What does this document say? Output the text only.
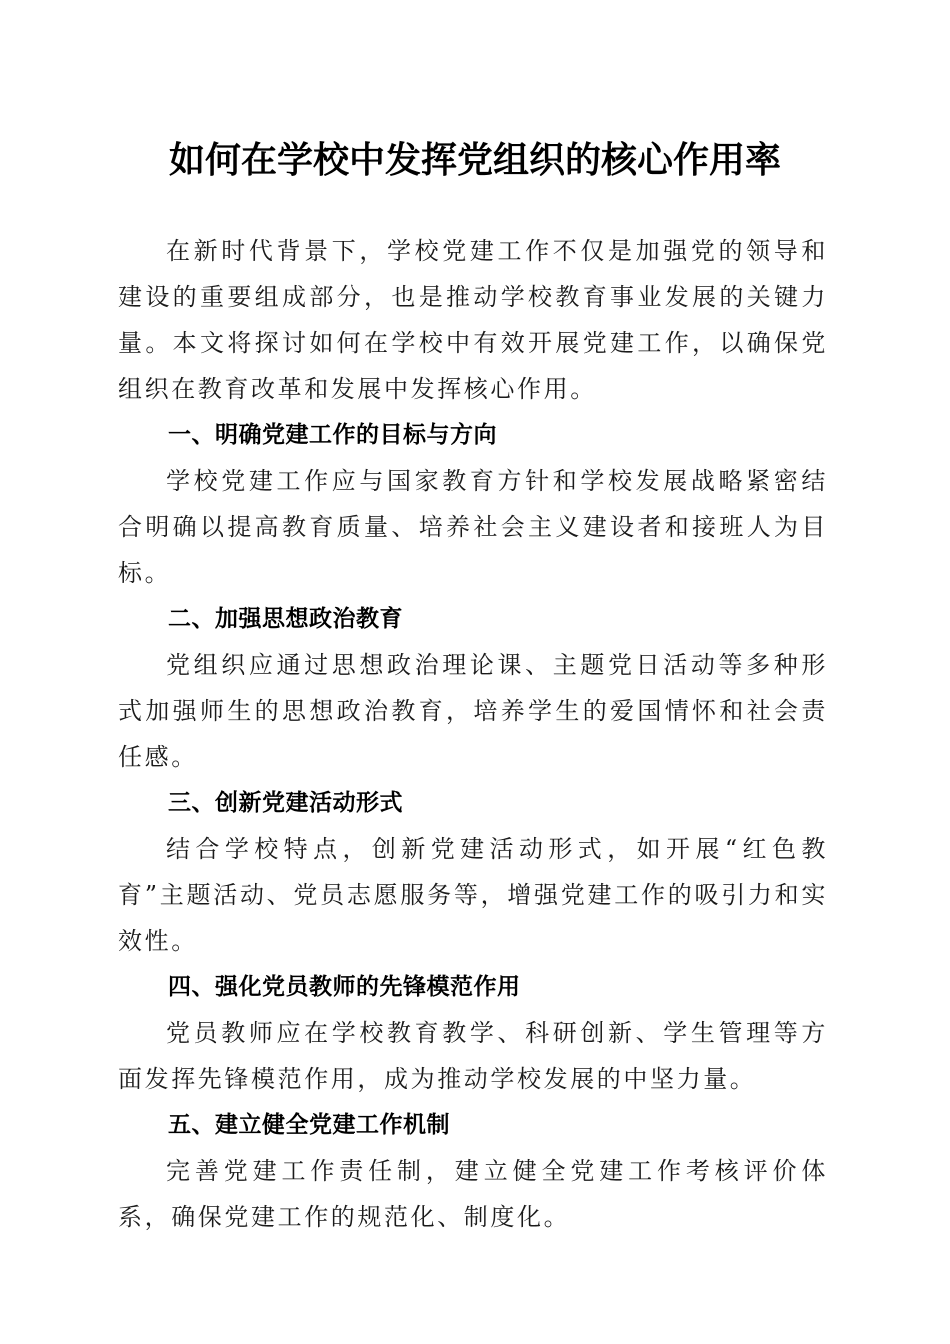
如何在学校中发挥党组织的核心作用率

在新时代背景下，学校党建工作不仅是加强党的领导和建设的重要组成部分，也是推动学校教育事业发展的关键力量。本文将探讨如何在学校中有效开展党建工作，以确保党组织在教育改革和发展中发挥核心作用。

一、明确党建工作的目标与方向

学校党建工作应与国家教育方针和学校发展战略紧密结合明确以提高教育质量、培养社会主义建设者和接班人为目标。

二、加强思想政治教育

党组织应通过思想政治理论课、主题党日活动等多种形式加强师生的思想政治教育，培养学生的爱国情怀和社会责任感。

三、创新党建活动形式

结合学校特点，创新党建活动形式，如开展“红色教育”主题活动、党员志愿服务等，增强党建工作的吸引力和实效性。

四、强化党员教师的先锋模范作用

党员教师应在学校教育教学、科研创新、学生管理等方面发挥先锋模范作用，成为推动学校发展的中坚力量。

五、建立健全党建工作机制

完善党建工作责任制，建立健全党建工作考核评价体系，确保党建工作的规范化、制度化。
